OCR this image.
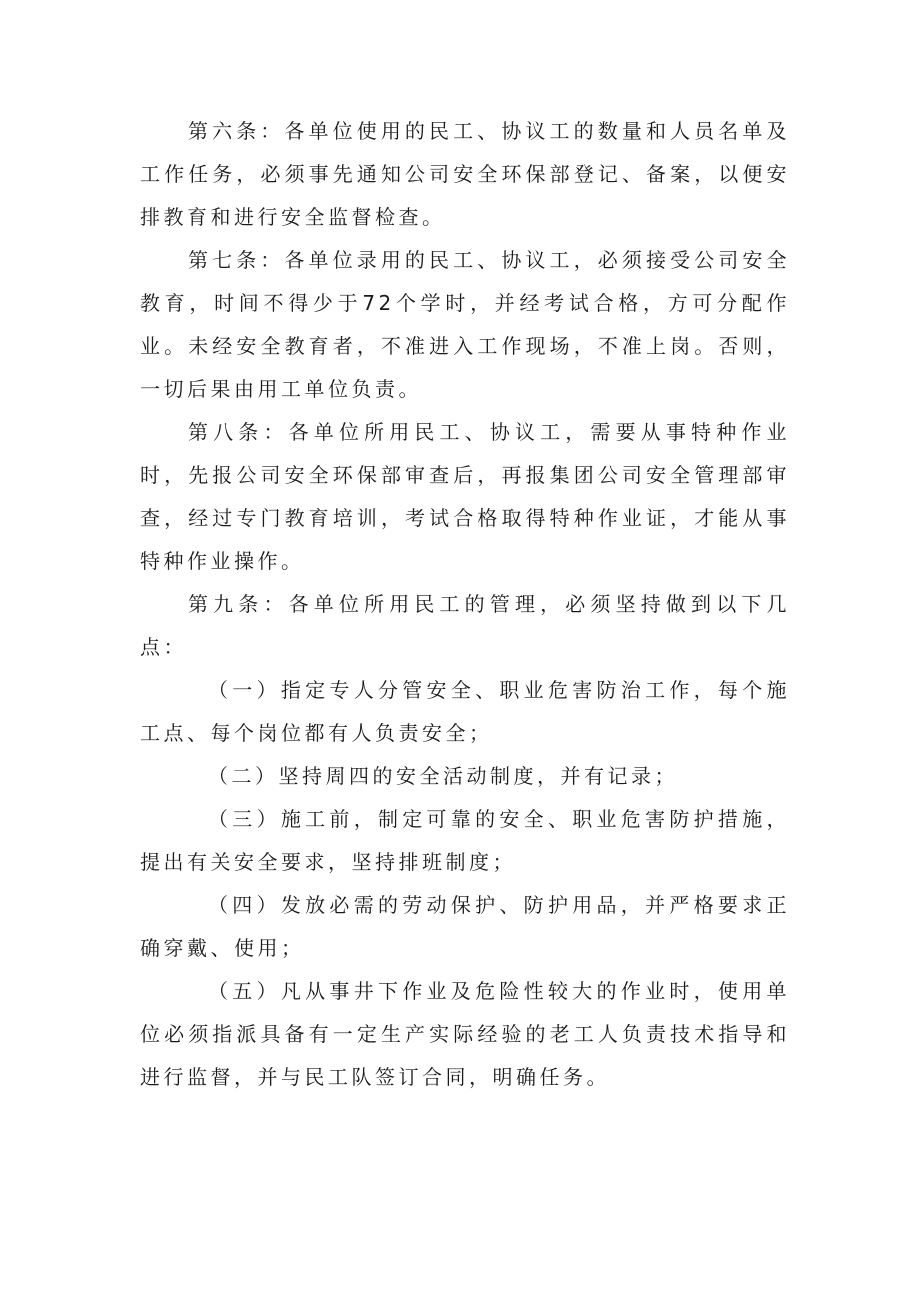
第六条：各单位使用的民工、协议工的数量和人员名单及工作任务，必须事先通知公司安全环保部登记、备案，以便安排教育和进行安全监督检查。

第七条：各单位录用的民工、协议工，必须接受公司安全教育，时间不得少于72个学时，并经考试合格，方可分配作业。未经安全教育者，不准进入工作现场，不准上岗。否则，一切后果由用工单位负责。

第八条：各单位所用民工、协议工，需要从事特种作业时，先报公司安全环保部审查后，再报集团公司安全管理部审查，经过专门教育培训，考试合格取得特种作业证，才能从事特种作业操作。

第九条：各单位所用民工的管理，必须坚持做到以下几点：

（一）指定专人分管安全、职业危害防治工作，每个施工点、每个岗位都有人负责安全；

（二）坚持周四的安全活动制度，并有记录；

（三）施工前，制定可靠的安全、职业危害防护措施，提出有关安全要求，坚持排班制度；

（四）发放必需的劳动保护、防护用品，并严格要求正确穿戴、使用；

（五）凡从事井下作业及危险性较大的作业时，使用单位必须指派具备有一定生产实际经验的老工人负责技术指导和进行监督，并与民工队签订合同，明确任务。
